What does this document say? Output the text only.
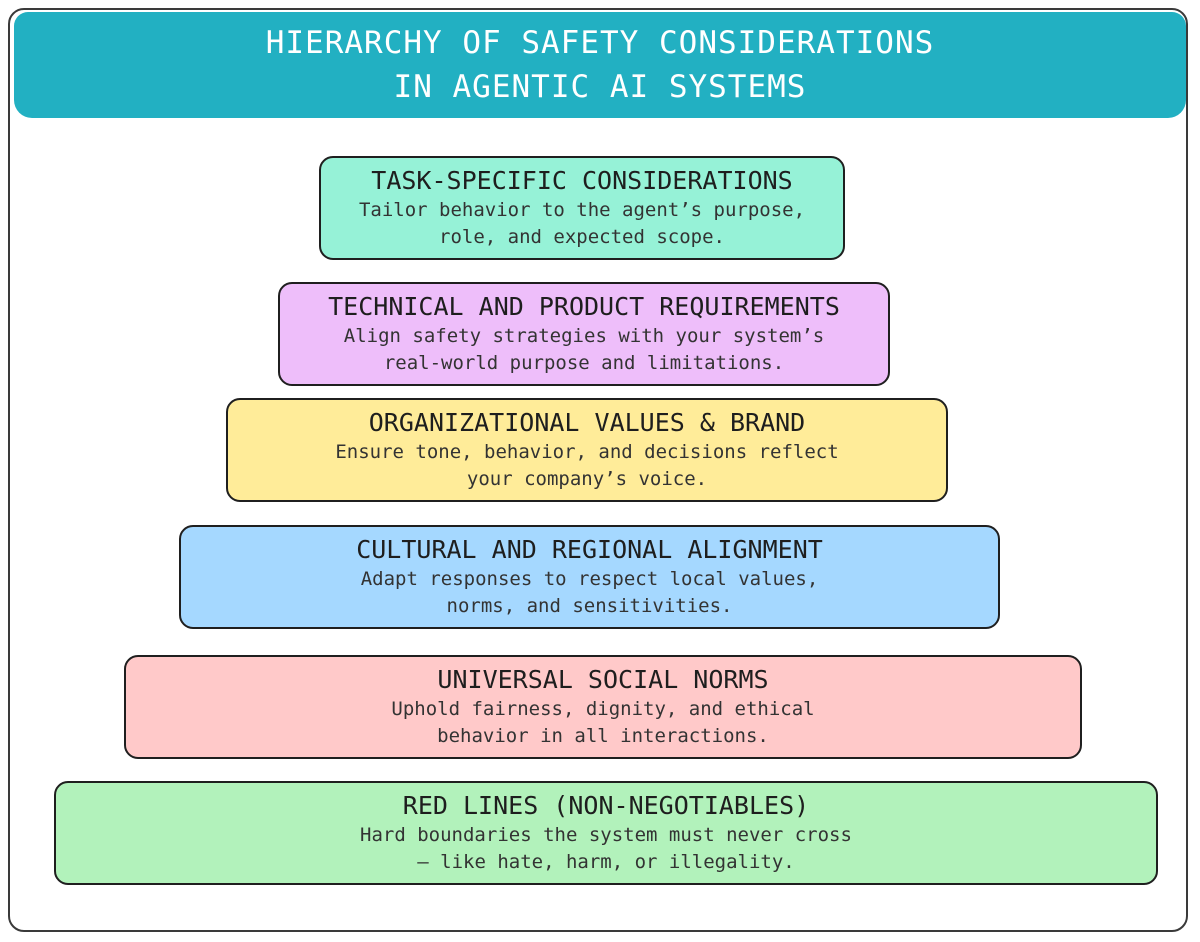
HIERARCHY OF SAFETY CONSIDERATIONS
IN AGENTIC AI SYSTEMS
TASK-SPECIFIC CONSIDERATIONS
Tailor behavior to the agent’s purpose,
role, and expected scope.
TECHNICAL AND PRODUCT REQUIREMENTS
Align safety strategies with your system’s
real-world purpose and limitations.
ORGANIZATIONAL VALUES & BRAND
Ensure tone, behavior, and decisions reflect
your company’s voice.
CULTURAL AND REGIONAL ALIGNMENT
Adapt responses to respect local values,
norms, and sensitivities.
UNIVERSAL SOCIAL NORMS
Uphold fairness, dignity, and ethical
behavior in all interactions.
RED LINES (NON-NEGOTIABLES)
Hard boundaries the system must never cross
– like hate, harm, or illegality.
